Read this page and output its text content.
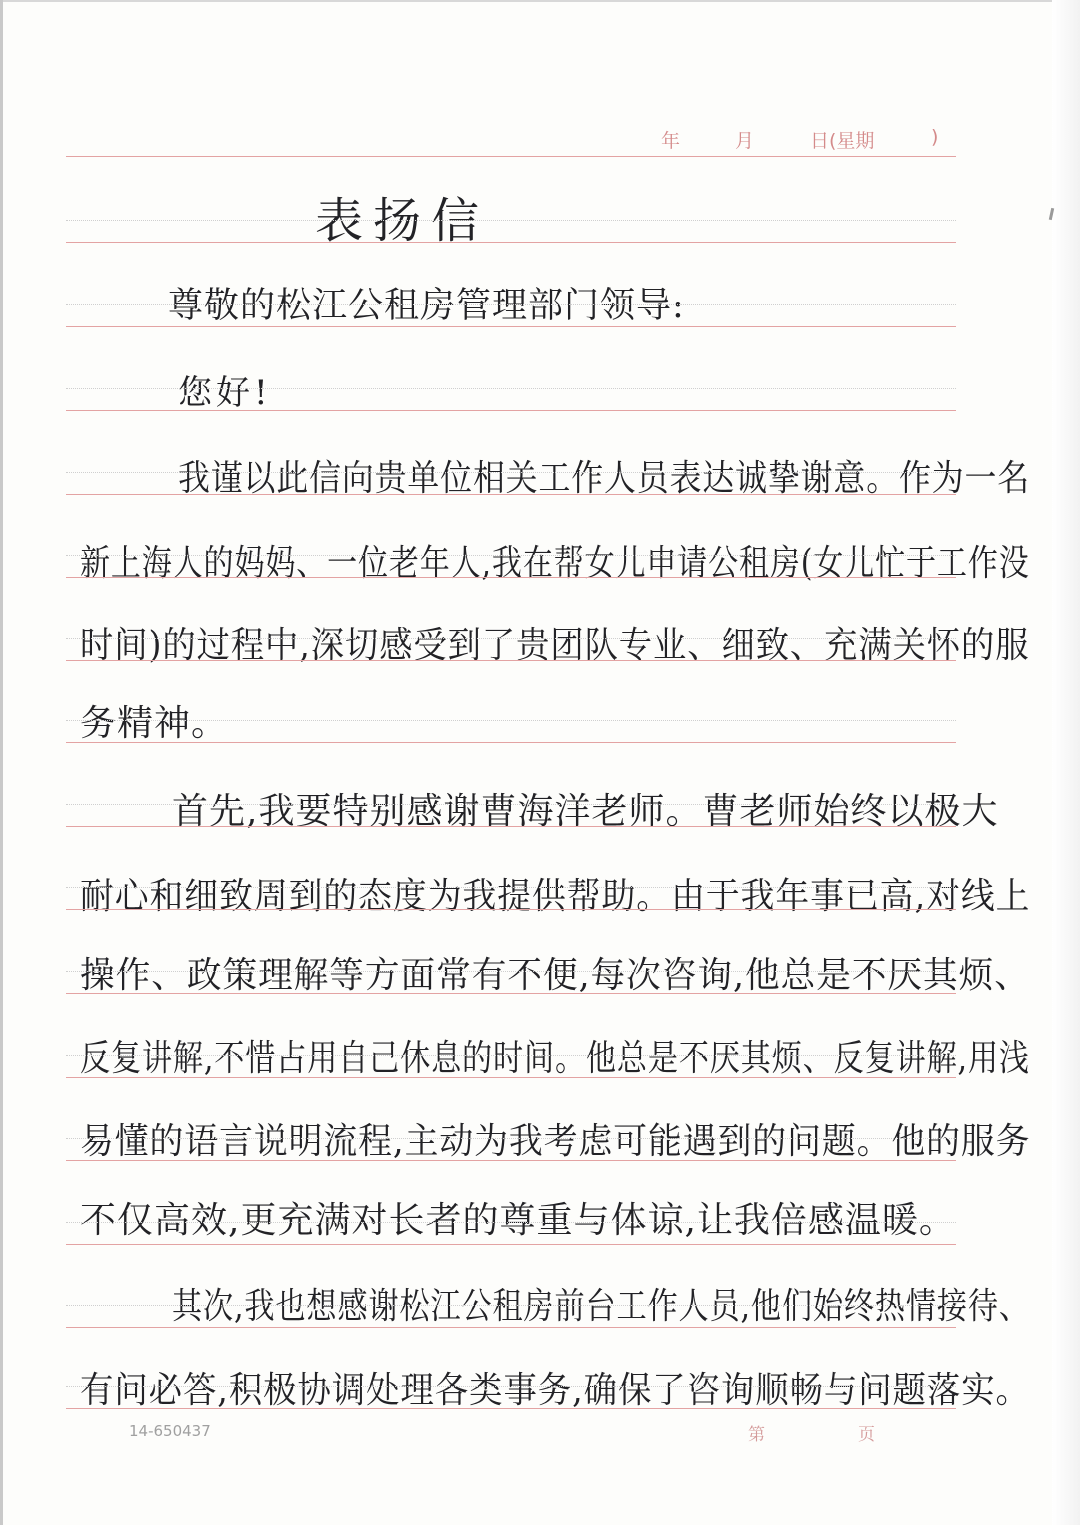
年	月	日(星期	)
表扬信
尊敬的松江公租房管理部门领导:
您好!
我谨以此信向贵单位相关工作人员表达诚挚谢意。作为一名
新上海人的妈妈、一位老年人,我在帮女儿申请公租房(女儿忙于工作没
时间)的过程中,深切感受到了贵团队专业、细致、充满关怀的服
务精神。
首先,我要特别感谢曹海洋老师。曹老师始终以极大
耐心和细致周到的态度为我提供帮助。由于我年事已高,对线上
操作、政策理解等方面常有不便,每次咨询,他总是不厌其烦、
反复讲解,不惜占用自己休息的时间。他总是不厌其烦、反复讲解,用浅
易懂的语言说明流程,主动为我考虑可能遇到的问题。他的服务
不仅高效,更充满对长者的尊重与体谅,让我倍感温暖。
其次,我也想感谢松江公租房前台工作人员,他们始终热情接待、
有问必答,积极协调处理各类事务,确保了咨询顺畅与问题落实。
14-650437	第	页
